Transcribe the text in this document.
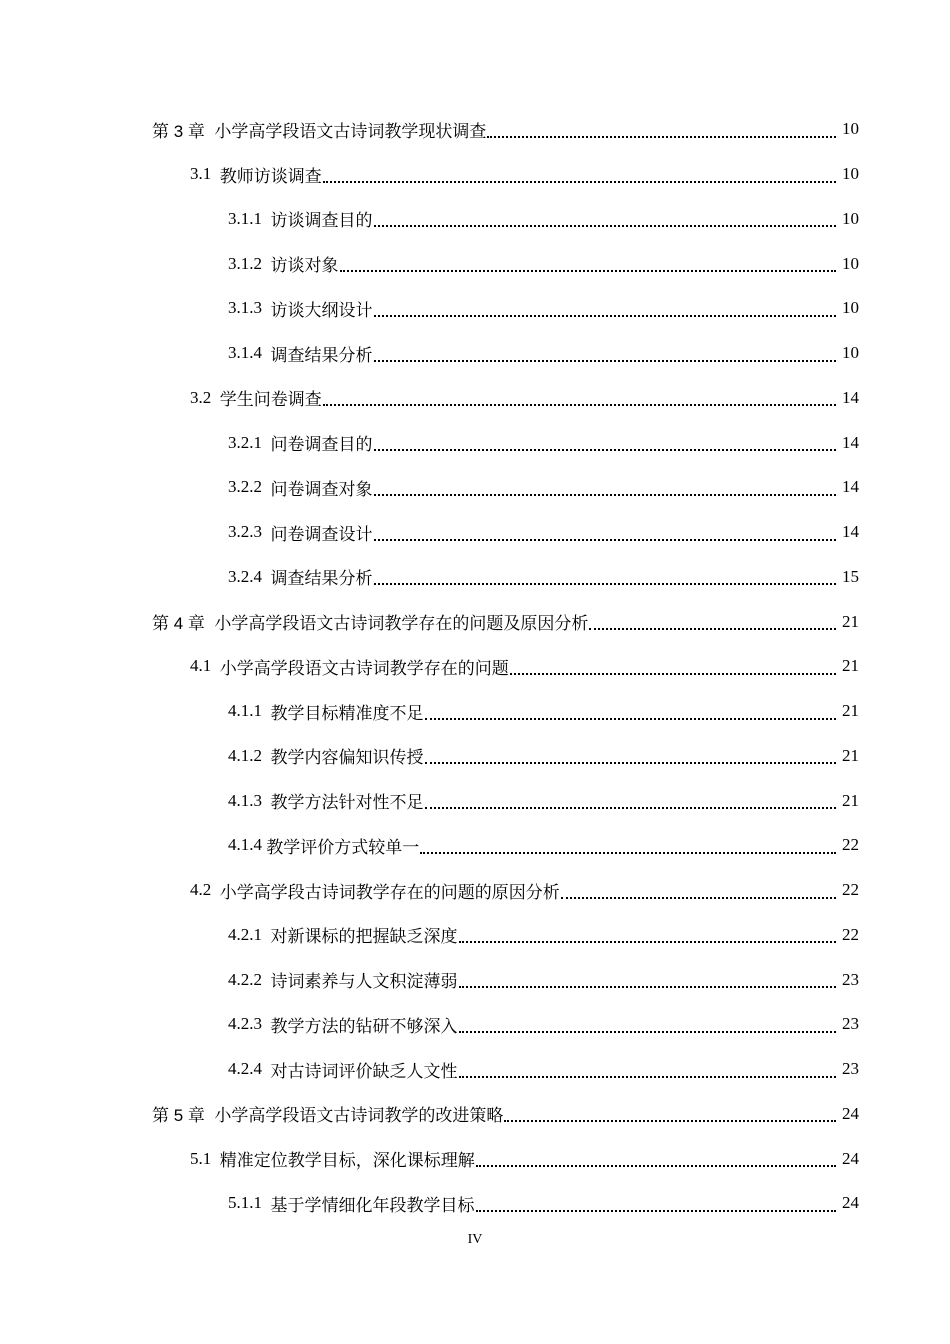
第 3 章 小学高学段语文古诗词教学现状调查	10
3.1 教师访谈调查	10
3.1.1 访谈调查目的	10
3.1.2 访谈对象	10
3.1.3 访谈大纲设计	10
3.1.4 调查结果分析	10
3.2 学生问卷调查	14
3.2.1 问卷调查目的	14
3.2.2 问卷调查对象	14
3.2.3 问卷调查设计	14
3.2.4 调查结果分析	15
第 4 章 小学高学段语文古诗词教学存在的问题及原因分析	21
4.1 小学高学段语文古诗词教学存在的问题	21
4.1.1 教学目标精准度不足	21
4.1.2 教学内容偏知识传授	21
4.1.3 教学方法针对性不足	21
4.1.4 教学评价方式较单一	22
4.2 小学高学段古诗词教学存在的问题的原因分析	22
4.2.1 对新课标的把握缺乏深度	22
4.2.2 诗词素养与人文积淀薄弱	23
4.2.3 教学方法的钻研不够深入	23
4.2.4 对古诗词评价缺乏人文性	23
第 5 章 小学高学段语文古诗词教学的改进策略	24
5.1 精准定位教学目标，深化课标理解	24
5.1.1 基于学情细化年段教学目标	24
IV
